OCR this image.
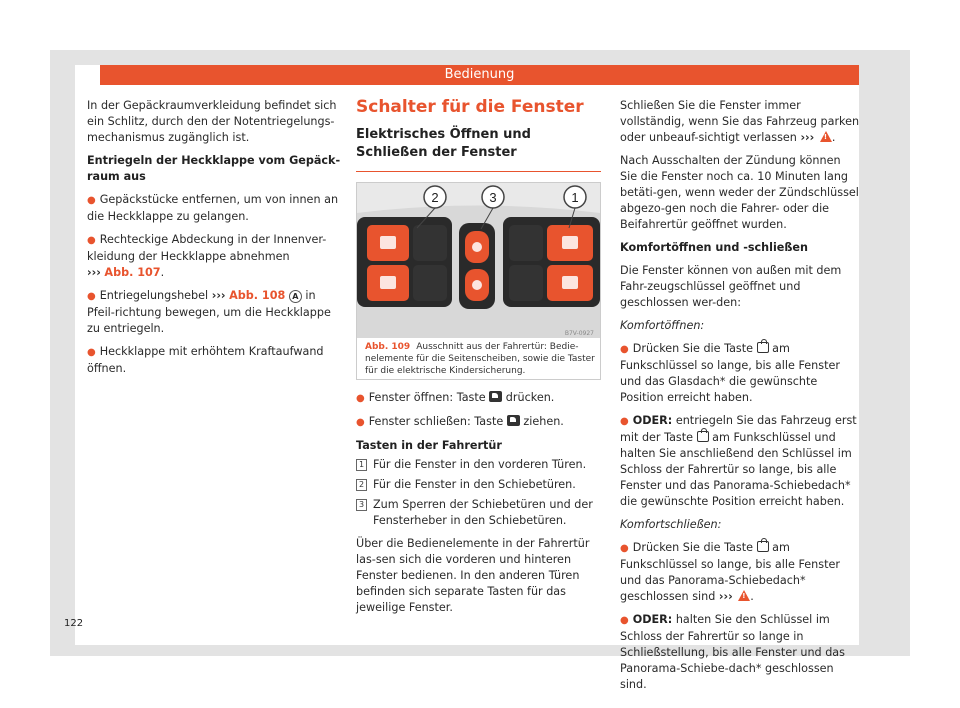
Bedienung
122

In der Gepäckraumverkleidung befindet sich ein Schlitz, durch den der Notentriegelungs-mechanismus zugänglich ist.

Entriegeln der Heckklappe vom Gepäck-raum aus

● Gepäckstücke entfernen, um von innen an die Heckklappe zu gelangen.

● Rechteckige Abdeckung in der Innenver-kleidung der Heckklappe abnehmen
››› Abb. 107.

● Entriegelungshebel ››› Abb. 108 A in Pfeil-richtung bewegen, um die Heckklappe zu entriegeln.

● Heckklappe mit erhöhtem Kraftaufwand öffnen.

Schalter für die Fenster
Elektrisches Öffnen und Schließen der Fenster
2	3	1
B7V-0927
Abb. 109 Ausschnitt aus der Fahrertür: Bedie-nelemente für die Seitenscheiben, sowie die Taster für die elektrische Kindersicherung.

● Fenster öffnen: Taste drücken.

● Fenster schließen: Taste ziehen.

Tasten in der Fahrertür

1 Für die Fenster in den vorderen Türen.
2 Für die Fenster in den Schiebetüren.
3 Zum Sperren der Schiebetüren und der Fensterheber in den Schiebetüren.

Über die Bedienelemente in der Fahrertür las-sen sich die vorderen und hinteren Fenster bedienen. In den anderen Türen befinden sich separate Tasten für das jeweilige Fenster.

Schließen Sie die Fenster immer vollständig, wenn Sie das Fahrzeug parken oder unbeauf-sichtigt verlassen ››› ! .

Nach Ausschalten der Zündung können Sie die Fenster noch ca. 10 Minuten lang betäti-gen, wenn weder der Zündschlüssel abgezo-gen noch die Fahrer- oder die Beifahrertür geöffnet wurden.

Komfortöffnen und -schließen

Die Fenster können von außen mit dem Fahr-zeugschlüssel geöffnet und geschlossen wer-den:

Komfortöffnen:

● Drücken Sie die Taste am Funkschlüssel so lange, bis alle Fenster und das Glasdach* die gewünschte Position erreicht haben.

● ODER: entriegeln Sie das Fahrzeug erst mit der Taste am Funkschlüssel und halten Sie anschließend den Schlüssel im Schloss der Fahrertür so lange, bis alle Fenster und das Panorama-Schiebedach* die gewünschte Position erreicht haben.

Komfortschließen:

● Drücken Sie die Taste am Funkschlüssel so lange, bis alle Fenster und das Panorama-Schiebedach* geschlossen sind ››› ! .

● ODER: halten Sie den Schlüssel im Schloss der Fahrertür so lange in Schließstellung, bis alle Fenster und das Panorama-Schiebe-dach* geschlossen sind.
